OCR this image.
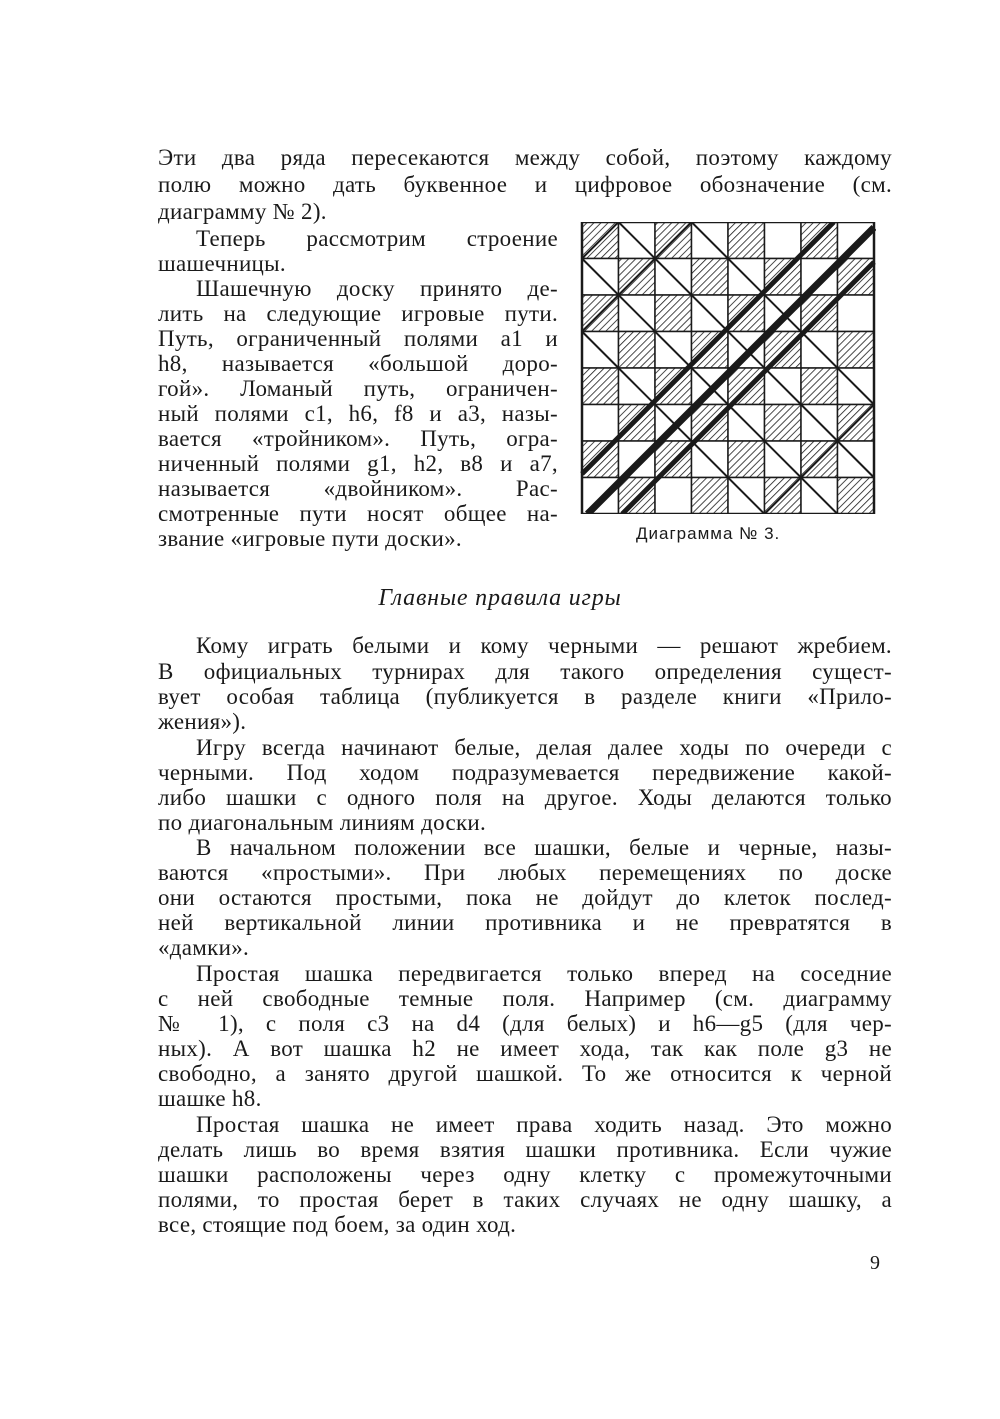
Эти два ряда пересекаются между собой, поэтому каждому
полю можно дать буквенное и цифровое обозначение (см.
диаграмму № 2).
Теперь рассмотрим строение
шашечницы.
Шашечную доску принято де-
лить на следующие игровые пути.
Путь, ограниченный полями a1 и
h8, называется «большой доро-
гой». Ломаный путь, ограничен-
ный полями c1, h6, f8 и a3, назы-
вается «тройником». Путь, огра-
ниченный полями g1, h2, в8 и a7,
называется «двойником». Рас-
смотренные пути носят общее на-
звание «игровые пути доски».	Диаграмма № 3.
Главные правила игры
Кому играть белыми и кому черными — решают жребием.
В официальных турнирах для такого определения сущест-
вует особая таблица (публикуется в разделе книги «Прило-
жения»).
Игру всегда начинают белые, делая далее ходы по очереди с
черными. Под ходом подразумевается передвижение какой-
либо шашки с одного поля на другое. Ходы делаются только
по диагональным линиям доски.
В начальном положении все шашки, белые и черные, назы-
ваются «простыми». При любых перемещениях по доске
они остаются простыми, пока не дойдут до клеток послед-
ней вертикальной линии противника и не превратятся в
«дамки».
Простая шашка передвигается только вперед на соседние
с ней свободные темные поля. Например (см. диаграмму
№ 1), с поля c3 на d4 (для белых) и h6—g5 (для чер-
ных). А вот шашка h2 не имеет хода, так как поле g3 не
свободно, а занято другой шашкой. То же относится к черной
шашке h8.
Простая шашка не имеет права ходить назад. Это можно
делать лишь во время взятия шашки противника. Если чужие
шашки расположены через одну клетку с промежуточными
полями, то простая берет в таких случаях не одну шашку, а
все, стоящие под боем, за один ход.
9
